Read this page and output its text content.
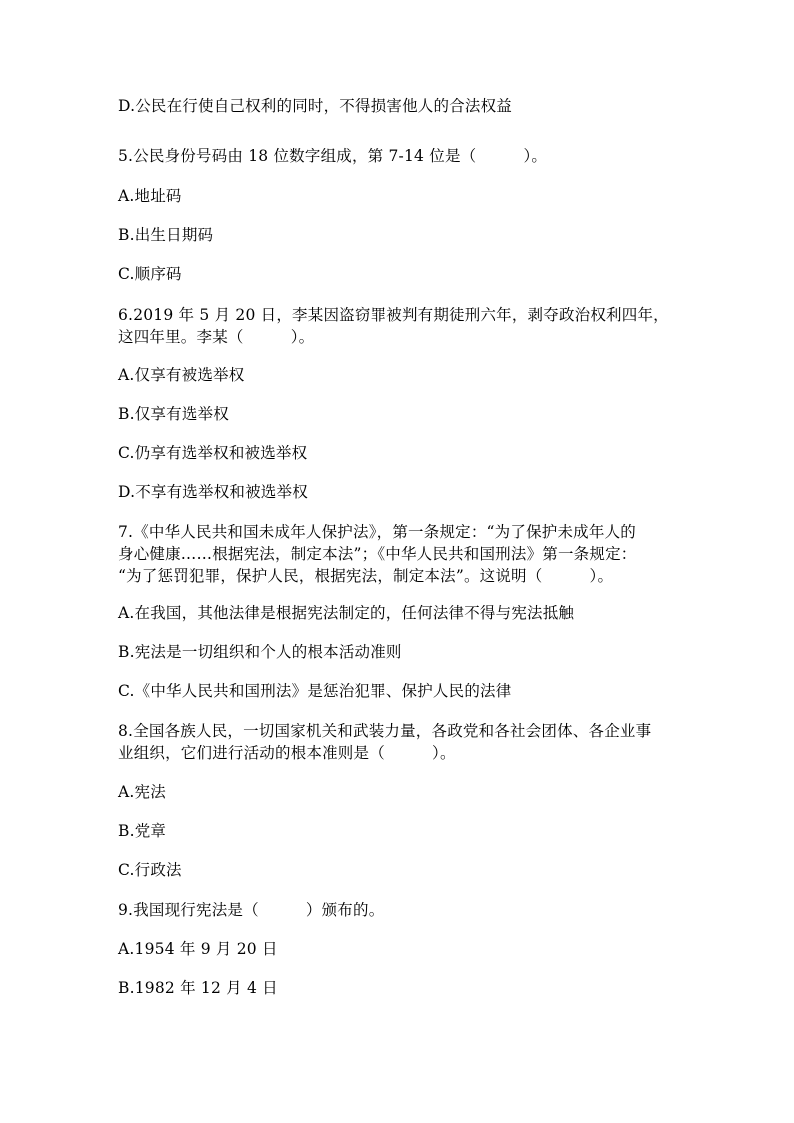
D.公民在行使自己权利的同时，不得损害他人的合法权益
5.公民身份号码由 18 位数字组成，第 7-14 位是（　　　）。
A.地址码
B.出生日期码
C.顺序码
6.2019 年 5 月 20 日，李某因盗窃罪被判有期徒刑六年，剥夺政治权利四年，
这四年里。李某（　　　）。
A.仅享有被选举权
B.仅享有选举权
C.仍享有选举权和被选举权
D.不享有选举权和被选举权
7.《中华人民共和国未成年人保护法》，第一条规定：“为了保护未成年人的
身心健康……根据宪法，制定本法”；《中华人民共和国刑法》第一条规定：
“为了惩罚犯罪，保护人民，根据宪法，制定本法”。这说明（　　　）。
A.在我国，其他法律是根据宪法制定的，任何法律不得与宪法抵触
B.宪法是一切组织和个人的根本活动准则
C.《中华人民共和国刑法》是惩治犯罪、保护人民的法律
8.全国各族人民，一切国家机关和武装力量，各政党和各社会团体、各企业事
业组织，它们进行活动的根本准则是（　　　）。
A.宪法
B.党章
C.行政法
9.我国现行宪法是（　　　）颁布的。
A.1954 年 9 月 20 日
B.1982 年 12 月 4 日
